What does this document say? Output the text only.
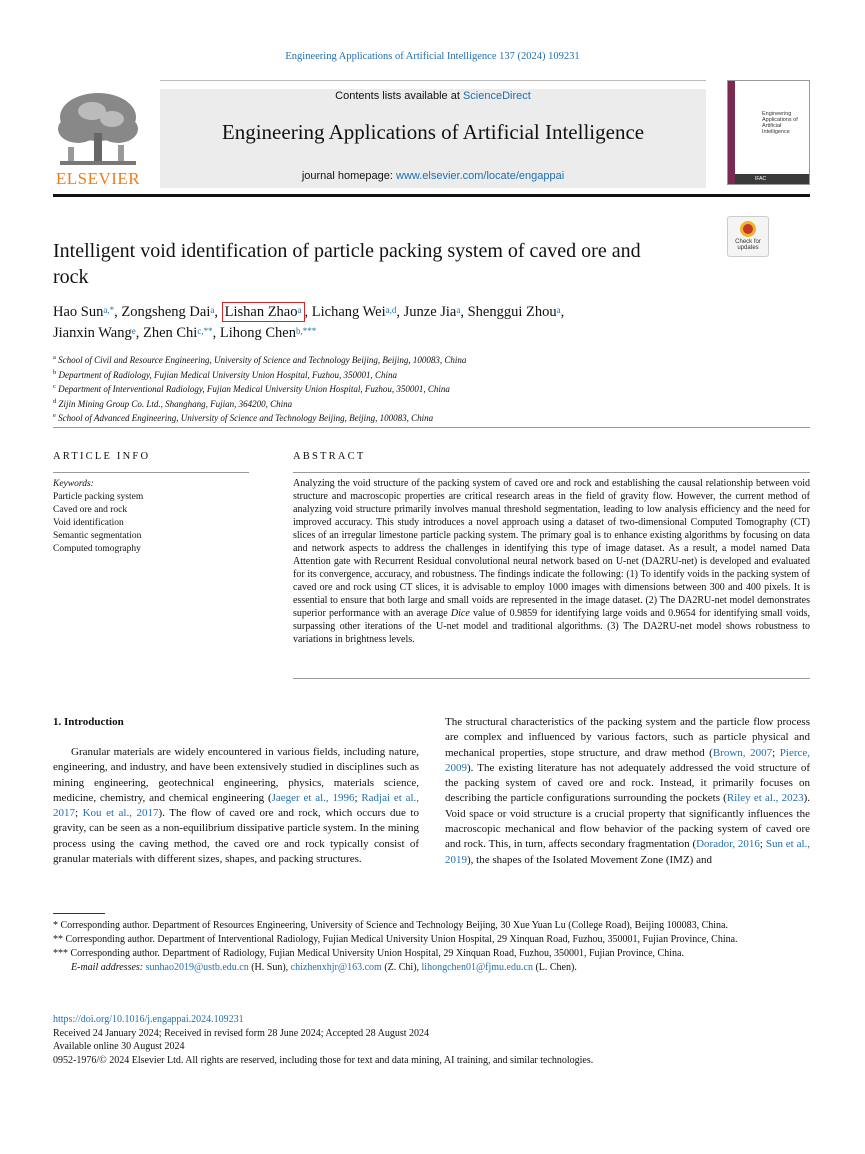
Engineering Applications of Artificial Intelligence 137 (2024) 109231
ELSEVIER
Contents lists available at ScienceDirect
Engineering Applications of Artificial Intelligence
journal homepage: www.elsevier.com/locate/engappai
Engineering Applications of Artificial Intelligence
IFAC
Intelligent void identification of particle packing system of caved ore and rock
Check for updates
Hao Sun$^{a,*}$, Zongsheng Dai$^a$, Lishan Zhao$^a$ , Lichang Wei$^{a,d}$, Junze Jia$^a$, Shenggui Zhou$^a$,
Jianxin Wang$^e$, Zhen Chi$^{c,**}$, Lihong Chen$^{b,***}$
$^a$ School of Civil and Resource Engineering, University of Science and Technology Beijing, Beijing, 100083, China
$^b$ Department of Radiology, Fujian Medical University Union Hospital, Fuzhou, 350001, China
$^c$ Department of Interventional Radiology, Fujian Medical University Union Hospital, Fuzhou, 350001, China
$^d$ Zijin Mining Group Co. Ltd., Shanghang, Fujian, 364200, China
$^e$ School of Advanced Engineering, University of Science and Technology Beijing, Beijing, 100083, China
ARTICLE INFO
Keywords:
Particle packing system
Caved ore and rock
Void identification
Semantic segmentation
Computed tomography
ABSTRACT
Analyzing the void structure of the packing system of caved ore and rock and establishing the causal relationship between void structure and macroscopic properties are critical research areas in the field of gravity flow. However, the current method of analyzing void structure primarily involves manual threshold segmentation, leading to low analysis efficiency and the need for improved accuracy. This study introduces a novel approach using a dataset of two-dimensional Computed Tomography (CT) slices of an irregular limestone particle packing system. The primary goal is to enhance existing algorithms by focusing on data and network aspects to address the challenges in identifying this type of image dataset. As a result, a model named Data Attention gate with Recurrent Residual convolutional neural network based on U-net (DA2RU-net) is developed and evaluated for its convergence, accuracy, and robustness. The findings indicate the following: (1) To identify voids in the packing system of caved ore and rock using CT slices, it is advisable to employ 1000 images with dimensions between 300 and 400 pixels. It is essential to ensure that both large and small voids are represented in the image dataset. (2) The DA2RU-net model demonstrates superior performance with an average Dice value of 0.9859 for identifying large voids and 0.9654 for identifying small voids, surpassing other iterations of the U-net model and traditional algorithms. (3) The DA2RU-net model shows robustness to variations in brightness levels.
1. Introduction
Granular materials are widely encountered in various fields, including nature, engineering, and industry, and have been extensively studied in disciplines such as mining engineering, geotechnical engineering, physics, materials science, medicine, chemistry, and chemical engineering (Jaeger et al., 1996; Radjai et al., 2017; Kou et al., 2017). The flow of caved ore and rock, which occurs due to gravity, can be seen as a non-equilibrium dissipative particle system. In the mining process using the caving method, the caved ore and rock typically consist of granular materials with different sizes, shapes, and packing structures.
The structural characteristics of the packing system and the particle flow process are complex and influenced by various factors, such as particle physical and mechanical properties, stope structure, and draw method (Brown, 2007; Pierce, 2009). The existing literature has not adequately addressed the void structure of the packing system of caved ore and rock. Instead, it primarily focuses on describing the particle configurations surrounding the pockets (Riley et al., 2023). Void space or void structure is a crucial property that significantly influences the macroscopic mechanical and flow behavior of the packing system of caved ore and rock. This, in turn, affects secondary fragmentation (Dorador, 2016; Sun et al., 2019), the shapes of the Isolated Movement Zone (IMZ) and
* Corresponding author. Department of Resources Engineering, University of Science and Technology Beijing, 30 Xue Yuan Lu (College Road), Beijing 100083, China.
** Corresponding author. Department of Interventional Radiology, Fujian Medical University Union Hospital, 29 Xinquan Road, Fuzhou, 350001, Fujian Province, China.
*** Corresponding author. Department of Radiology, Fujian Medical University Union Hospital, 29 Xinquan Road, Fuzhou, 350001, Fujian Province, China.
E-mail addresses: sunhao2019@ustb.edu.cn (H. Sun), chizhenxhjr@163.com (Z. Chi), lihongchen01@fjmu.edu.cn (L. Chen).
https://doi.org/10.1016/j.engappai.2024.109231
Received 24 January 2024; Received in revised form 28 June 2024; Accepted 28 August 2024
Available online 30 August 2024
0952-1976/© 2024 Elsevier Ltd. All rights are reserved, including those for text and data mining, AI training, and similar technologies.
